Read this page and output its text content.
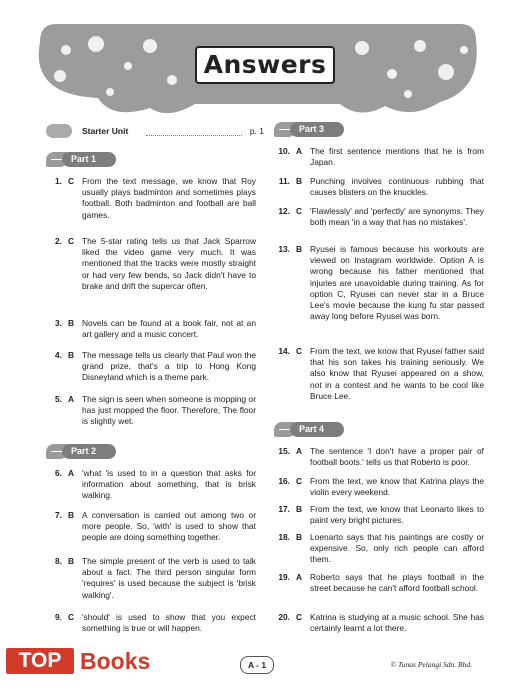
Answers
Starter Unit	p. 1
Part 1
1. C From the text message, we know that Roy usually plays badminton and sometimes plays football. Both badminton and football are ball games.
2. C The 5-star rating tells us that Jack Sparrow liked the video game very much. It was mentioned that the tracks were mostly straight or had very few bends, so Jack didn't have to brake and drift the supercar often.
3. B Novels can be found at a book fair, not at an art gallery and a music concert.
4. B The message tells us clearly that Paul won the grand prize, that's a trip to Hong Kong Disneyland which is a theme park.
5. A The sign is seen when someone is mopping or has just mopped the floor. Therefore, The floor is slightly wet.
Part 2
6. A 'what 'is used to in a question that asks for information about something, that is brisk walking.
7. B A conversation is carried out among two or more people. So, 'with' is used to show that people are doing something together.
8. B The simple present of the verb is used to talk about a fact. The third person singular form 'requires' is used because the subject is 'brisk walking'.
9. C 'should' is used to show that you expect something is true or will happen.
Part 3
10. A The first sentence mentions that he is from Japan.
11. B Punching involves continuous rubbing that causes blisters on the knuckles.
12. C 'Flawlessly' and 'perfectly' are synonyms. They both mean 'in a way that has no mistakes'.
13. B Ryusei is famous because his workouts are viewed on Instagram worldwide. Option A is wrong because his father mentioned that injuries are unavoidable during training. As for option C, Ryusei can never star in a Bruce Lee's movie because the kung fu star passed away long before Ryusei was born.
14. C From the text, we know that Ryusei father said that his son takes his training seriously. We also know that Ryusei appeared on a show, not in a contest and he wants to be cool like Bruce Lee.
Part 4
15. A The sentence 'I don't have a proper pair of football boots.' tells us that Roberto is poor.
16. C From the text, we know that Katrina plays the violin every weekend.
17. B From the text, we know that Leonarto likes to paint very bright pictures.
18. B Loenarto says that his paintings are costly or expensive. So, only rich people can afford them.
19. A Roberto says that he plays football in the street because he can't afford football school.
20. C Katrina is studying at a music school. She has certainly learnt a lot there.
TOP Books	A - 1	© Tunas Pelangi Sdn. Bhd.
